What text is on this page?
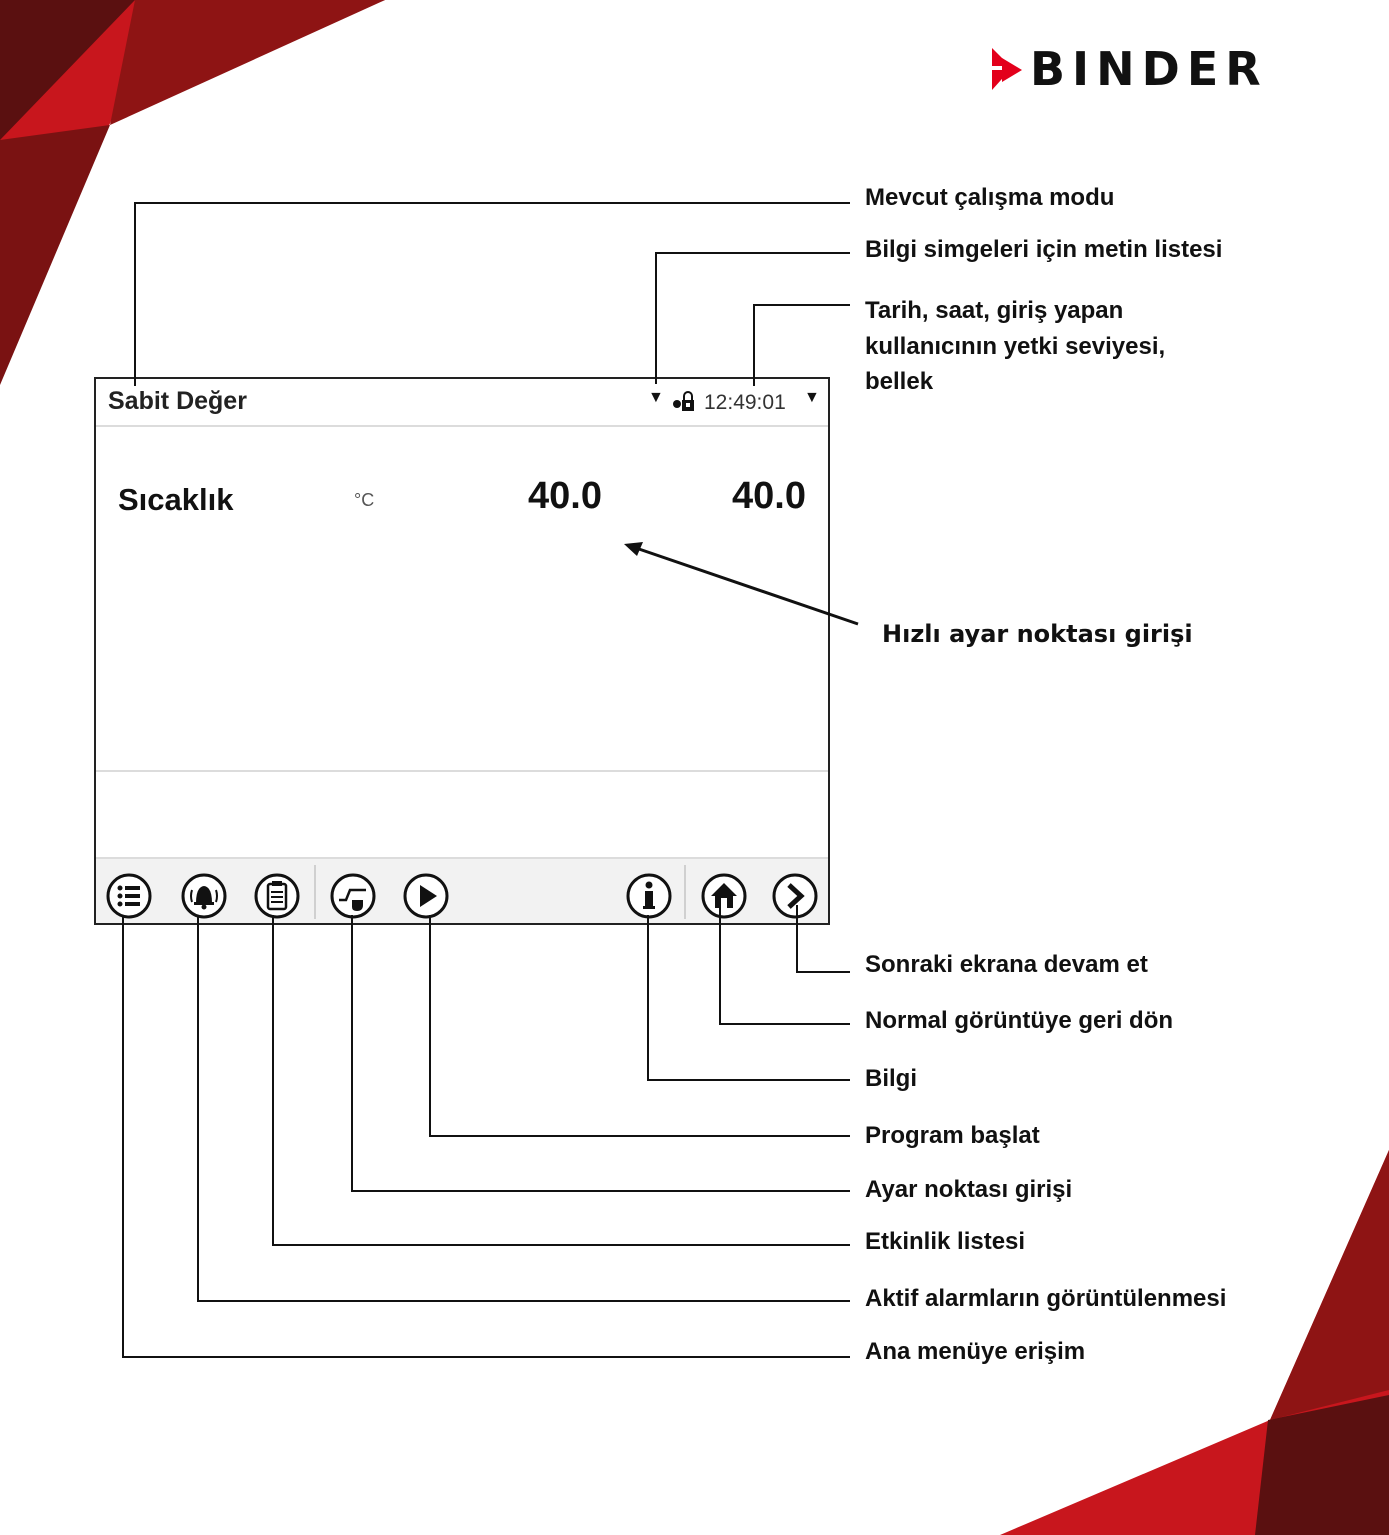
BINDER
Sabit Değer	▼ 12:49:01 ▼
Sıcaklık	°C	40.0	40.0
Mevcut çalışma modu
Bilgi simgeleri için metin listesi
Tarih, saat, giriş yapan
kullanıcının yetki seviyesi,
bellek
Hızlı ayar noktası girişi
Sonraki ekrana devam et
Normal görüntüye geri dön
Bilgi
Program başlat
Ayar noktası girişi
Etkinlik listesi
Aktif alarmların görüntülenmesi
Ana menüye erişim
